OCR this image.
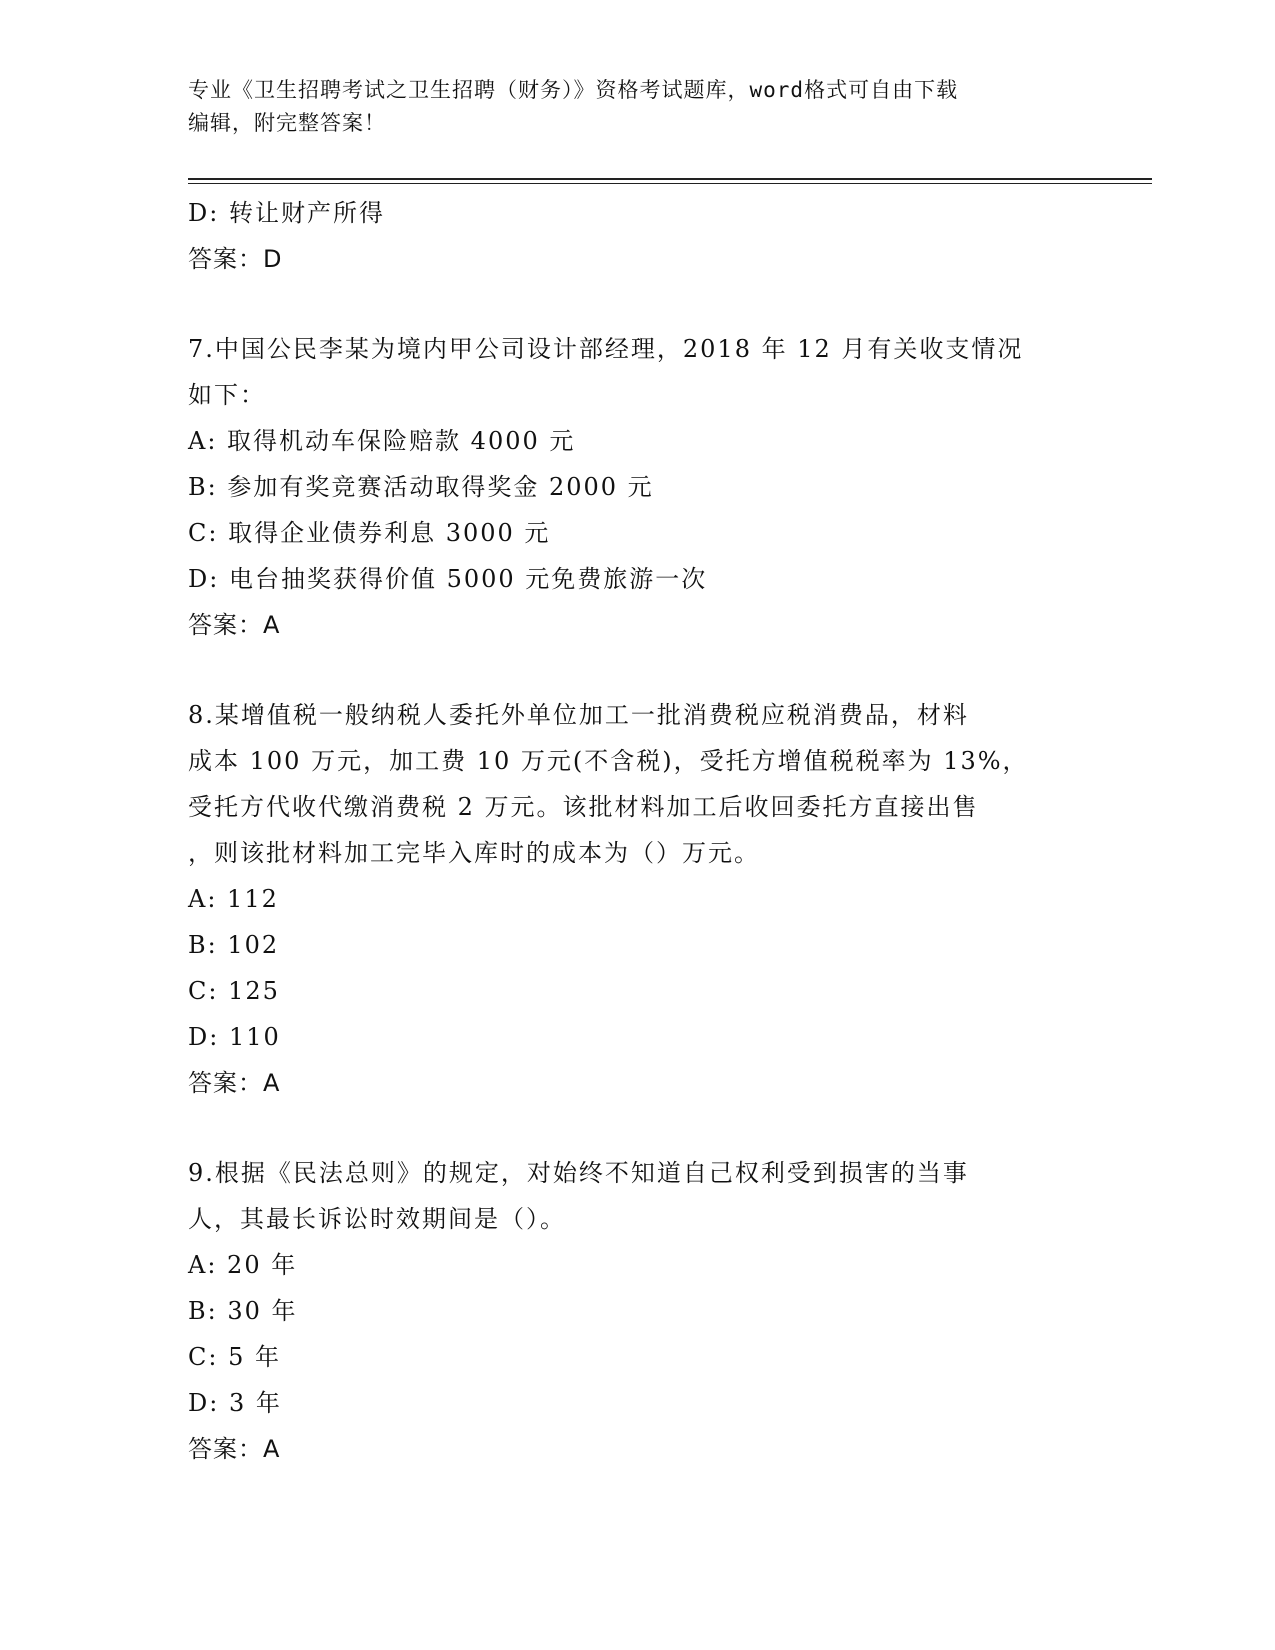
专业《卫生招聘考试之卫生招聘（财务）》资格考试题库，word格式可自由下载
编辑，附完整答案！
D: 转让财产所得
答案：D
7.中国公民李某为境内甲公司设计部经理，2018 年 12 月有关收支情况
如下：
A: 取得机动车保险赔款 4000 元
B: 参加有奖竞赛活动取得奖金 2000 元
C: 取得企业债券利息 3000 元
D: 电台抽奖获得价值 5000 元免费旅游一次
答案：A
8.某增值税一般纳税人委托外单位加工一批消费税应税消费品，材料
成本 100 万元，加工费 10 万元(不含税)，受托方增值税税率为 13%，
受托方代收代缴消费税 2 万元。该批材料加工后收回委托方直接出售
，则该批材料加工完毕入库时的成本为（）万元。
A: 112
B: 102
C: 125
D: 110
答案：A
9.根据《民法总则》的规定，对始终不知道自己权利受到损害的当事
人，其最长诉讼时效期间是（）。
A: 20 年
B: 30 年
C: 5 年
D: 3 年
答案：A
